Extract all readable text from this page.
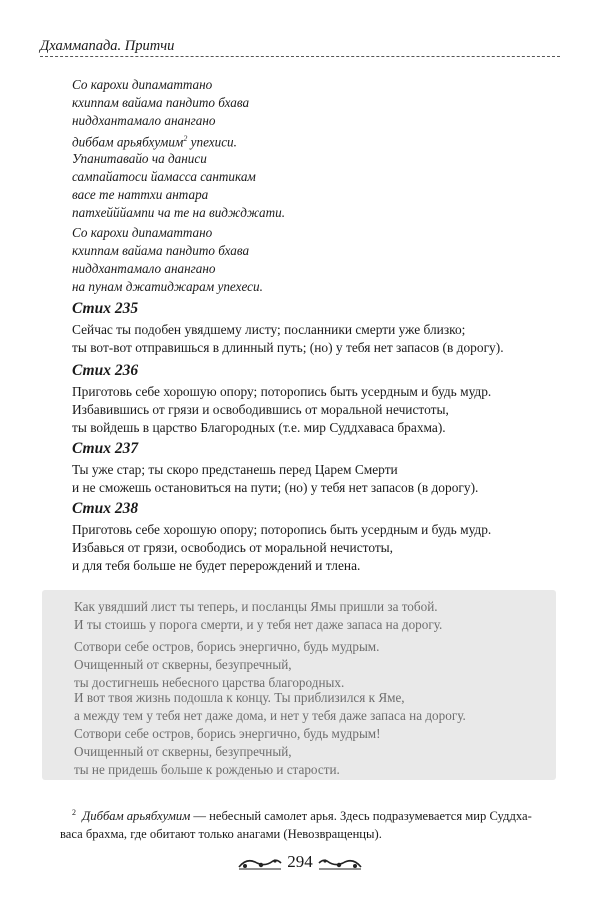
Дхаммапада. Притчи
Со карохи дипаматтано
кхиппам вайама пандито бхава
ниддхантамало анангано
диббам арьябхумим$^2$ упехиси.
Упанитавайо ча даниси
сампайатоси йамасса сантикам
васе те наттхи антара
патхейййампи ча те на виджджати.
Со карохи дипаматтано
кхиппам вайама пандито бхава
ниддхантамало анангано
на пунам джатиджарам упехеси.
Стих 235
Сейчас ты подобен увядшему листу; посланники смерти уже близко;
ты вот-вот отправишься в длинный путь; (но) у тебя нет запасов (в дорогу).
Стих 236
Приготовь себе хорошую опору; потoропись быть усердным и будь мудр.
Избавившись от грязи и освободившись от моральной нечистоты,
ты войдешь в царство Благородных (т.е. мир Суддхаваса брахма).
Стих 237
Ты уже стар; ты скоро предстанешь перед Царем Смерти
и не сможешь остановиться на пути; (но) у тебя нет запасов (в дорогу).
Стих 238
Приготовь себе хорошую опору; потoропись быть усердным и будь мудр.
Избавься от грязи, освободись от моральной нечистоты,
и для тебя больше не будет перерождений и тлена.
Как увядший лист ты теперь, и посланцы Ямы пришли за тобой.
И ты стоишь у порога смерти, и у тебя нет даже запаса на дорогу.
Сотвори себе остров, борись энергично, будь мудрым.
Очищенный от скверны, безупречный,
ты достигнешь небесного царства благородных.
И вот твоя жизнь подошла к концу. Ты приблизился к Яме,
а между тем у тебя нет даже дома, и нет у тебя даже запаса на дорогу.
Сотвори себе остров, борись энергично, будь мудрым!
Очищенный от скверны, безупречный,
ты не придешь больше к рожденью и старости.
$^2$ Диббам арьябхумим — небесный самолет арья. Здесь подразумевается мир Суддха-
васа брахма, где обитают только анагами (Невозвращенцы).
294
